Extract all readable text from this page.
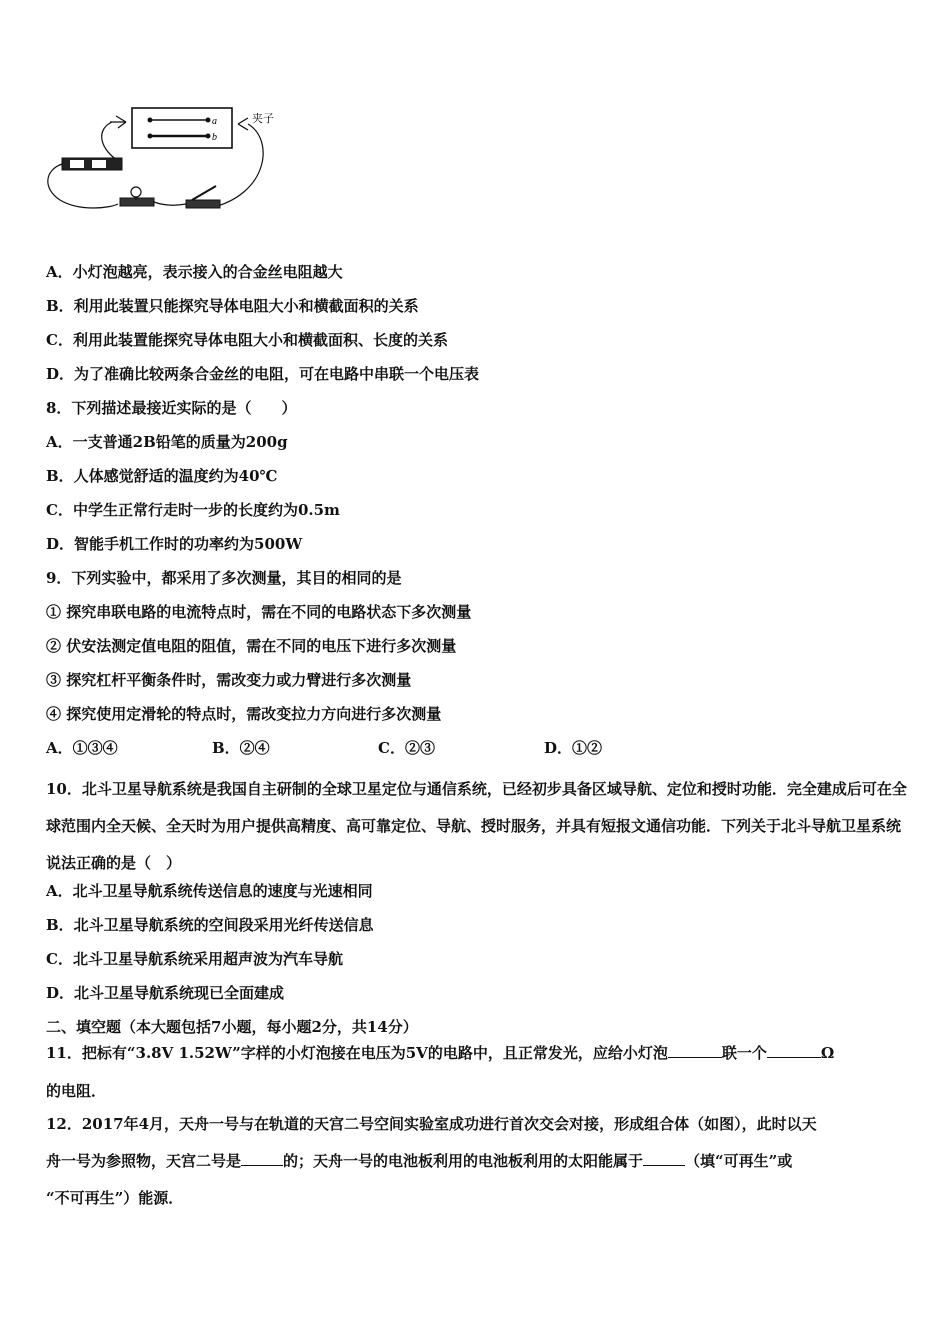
a
b
夹子
A．小灯泡越亮，表示接入的合金丝电阻越大
B．利用此装置只能探究导体电阻大小和横截面积的关系
C．利用此装置能探究导体电阻大小和横截面积、长度的关系
D．为了准确比较两条合金丝的电阻，可在电路中串联一个电压表
8．下列描述最接近实际的是（　　）
A．一支普通2B铅笔的质量为200g
B．人体感觉舒适的温度约为40℃
C．中学生正常行走时一步的长度约为0.5m
D．智能手机工作时的功率约为500W
9．下列实验中，都采用了多次测量，其目的相同的是
① 探究串联电路的电流特点时，需在不同的电路状态下多次测量
② 伏安法测定值电阻的阻值，需在不同的电压下进行多次测量
③ 探究杠杆平衡条件时，需改变力或力臂进行多次测量
④ 探究使用定滑轮的特点时，需改变拉力方向进行多次测量
A．①③④	B．②④	C．②③	D．①②
10．北斗卫星导航系统是我国自主研制的全球卫星定位与通信系统，已经初步具备区域导航、定位和授时功能．完全建成后可在全球范围内全天候、全天时为用户提供高精度、高可靠定位、导航、授时服务，并具有短报文通信功能．下列关于北斗导航卫星系统说法正确的是（　）
A．北斗卫星导航系统传送信息的速度与光速相同
B．北斗卫星导航系统的空间段采用光纤传送信息
C．北斗卫星导航系统采用超声波为汽车导航
D．北斗卫星导航系统现已全面建成
二、填空题（本大题包括7小题，每小题2分，共14分）
11．把标有“3.8V 1.52W”字样的小灯泡接在电压为5V的电路中，且正常发光，应给小灯泡	联一个	Ω
的电阻．
12．2017年4月，天舟一号与在轨道的天宫二号空间实验室成功进行首次交会对接，形成组合体（如图），此时以天
舟一号为参照物，天宫二号是	的；天舟一号的电池板利用的电池板利用的太阳能属于	（填“可再生”或
“不可再生”）能源．
